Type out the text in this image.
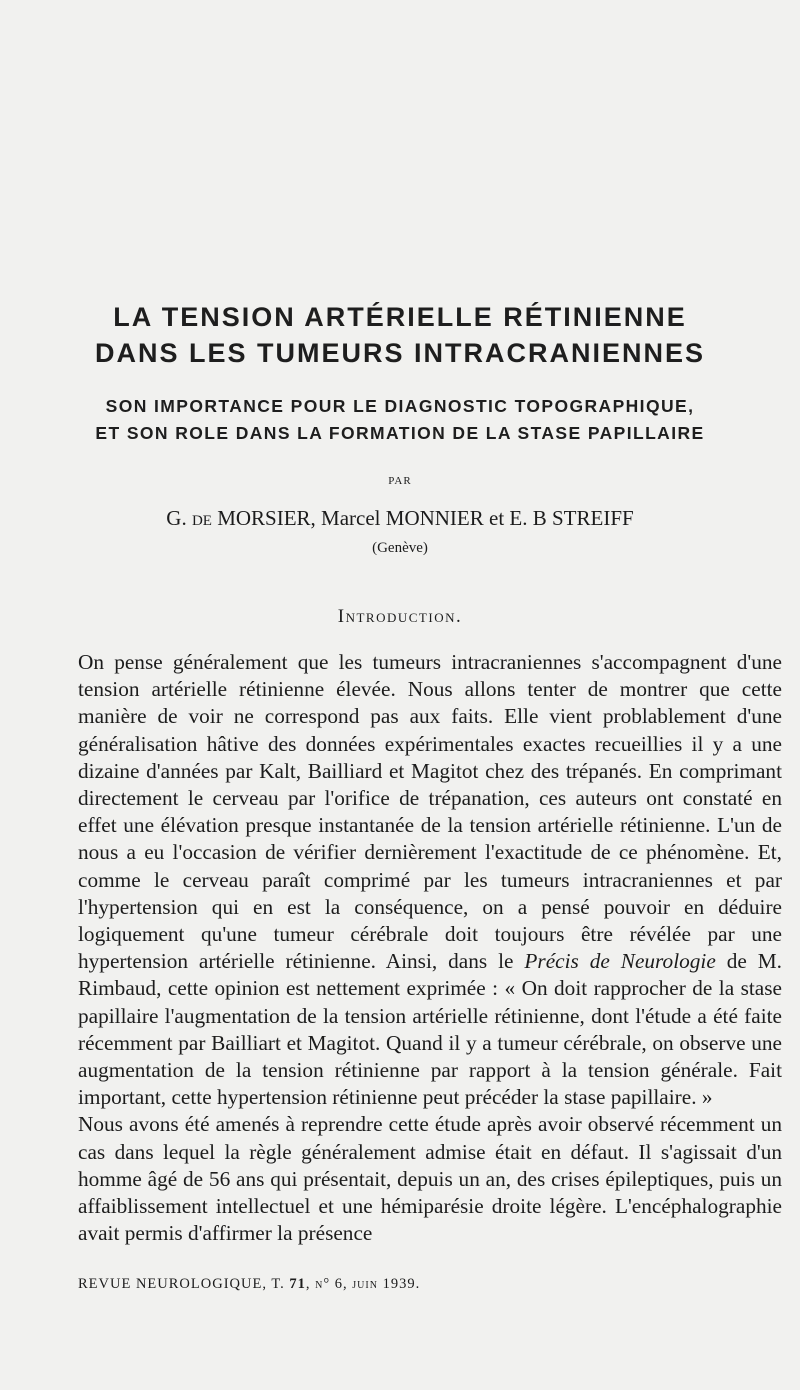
LA TENSION ARTÉRIELLE RÉTINIENNE
DANS LES TUMEURS INTRACRANIENNES
SON IMPORTANCE POUR LE DIAGNOSTIC TOPOGRAPHIQUE,
ET SON ROLE DANS LA FORMATION DE LA STASE PAPILLAIRE
PAR
G. de MORSIER, Marcel MONNIER et E. B STREIFF
(Genève)
Introduction.

On pense généralement que les tumeurs intracraniennes s'accompagnent d'une tension artérielle rétinienne élevée. Nous allons tenter de montrer que cette manière de voir ne correspond pas aux faits. Elle vient problablement d'une généralisation hâtive des données expérimentales exactes recueillies il y a une dizaine d'années par Kalt, Bailliard et Magitot chez des trépanés. En comprimant directement le cerveau par l'orifice de trépanation, ces auteurs ont constaté en effet une élévation presque instantanée de la tension artérielle rétinienne. L'un de nous a eu l'occasion de vérifier dernièrement l'exactitude de ce phénomène. Et, comme le cerveau paraît comprimé par les tumeurs intracraniennes et par l'hypertension qui en est la conséquence, on a pensé pouvoir en déduire logiquement qu'une tumeur cérébrale doit toujours être révélée par une hypertension artérielle rétinienne. Ainsi, dans le Précis de Neurologie de M. Rimbaud, cette opinion est nettement exprimée : « On doit rapprocher de la stase papillaire l'augmentation de la tension artérielle rétinienne, dont l'étude a été faite récemment par Bailliart et Magitot. Quand il y a tumeur cérébrale, on observe une augmentation de la tension rétinienne par rapport à la tension générale. Fait important, cette hypertension rétinienne peut précéder la stase papillaire. »

Nous avons été amenés à reprendre cette étude après avoir observé récemment un cas dans lequel la règle généralement admise était en défaut. Il s'agissait d'un homme âgé de 56 ans qui présentait, depuis un an, des crises épileptiques, puis un affaiblissement intellectuel et une hémiparésie droite légère. L'encéphalographie avait permis d'affirmer la présence

REVUE NEUROLOGIQUE, T. 71, n° 6, juin 1939.
